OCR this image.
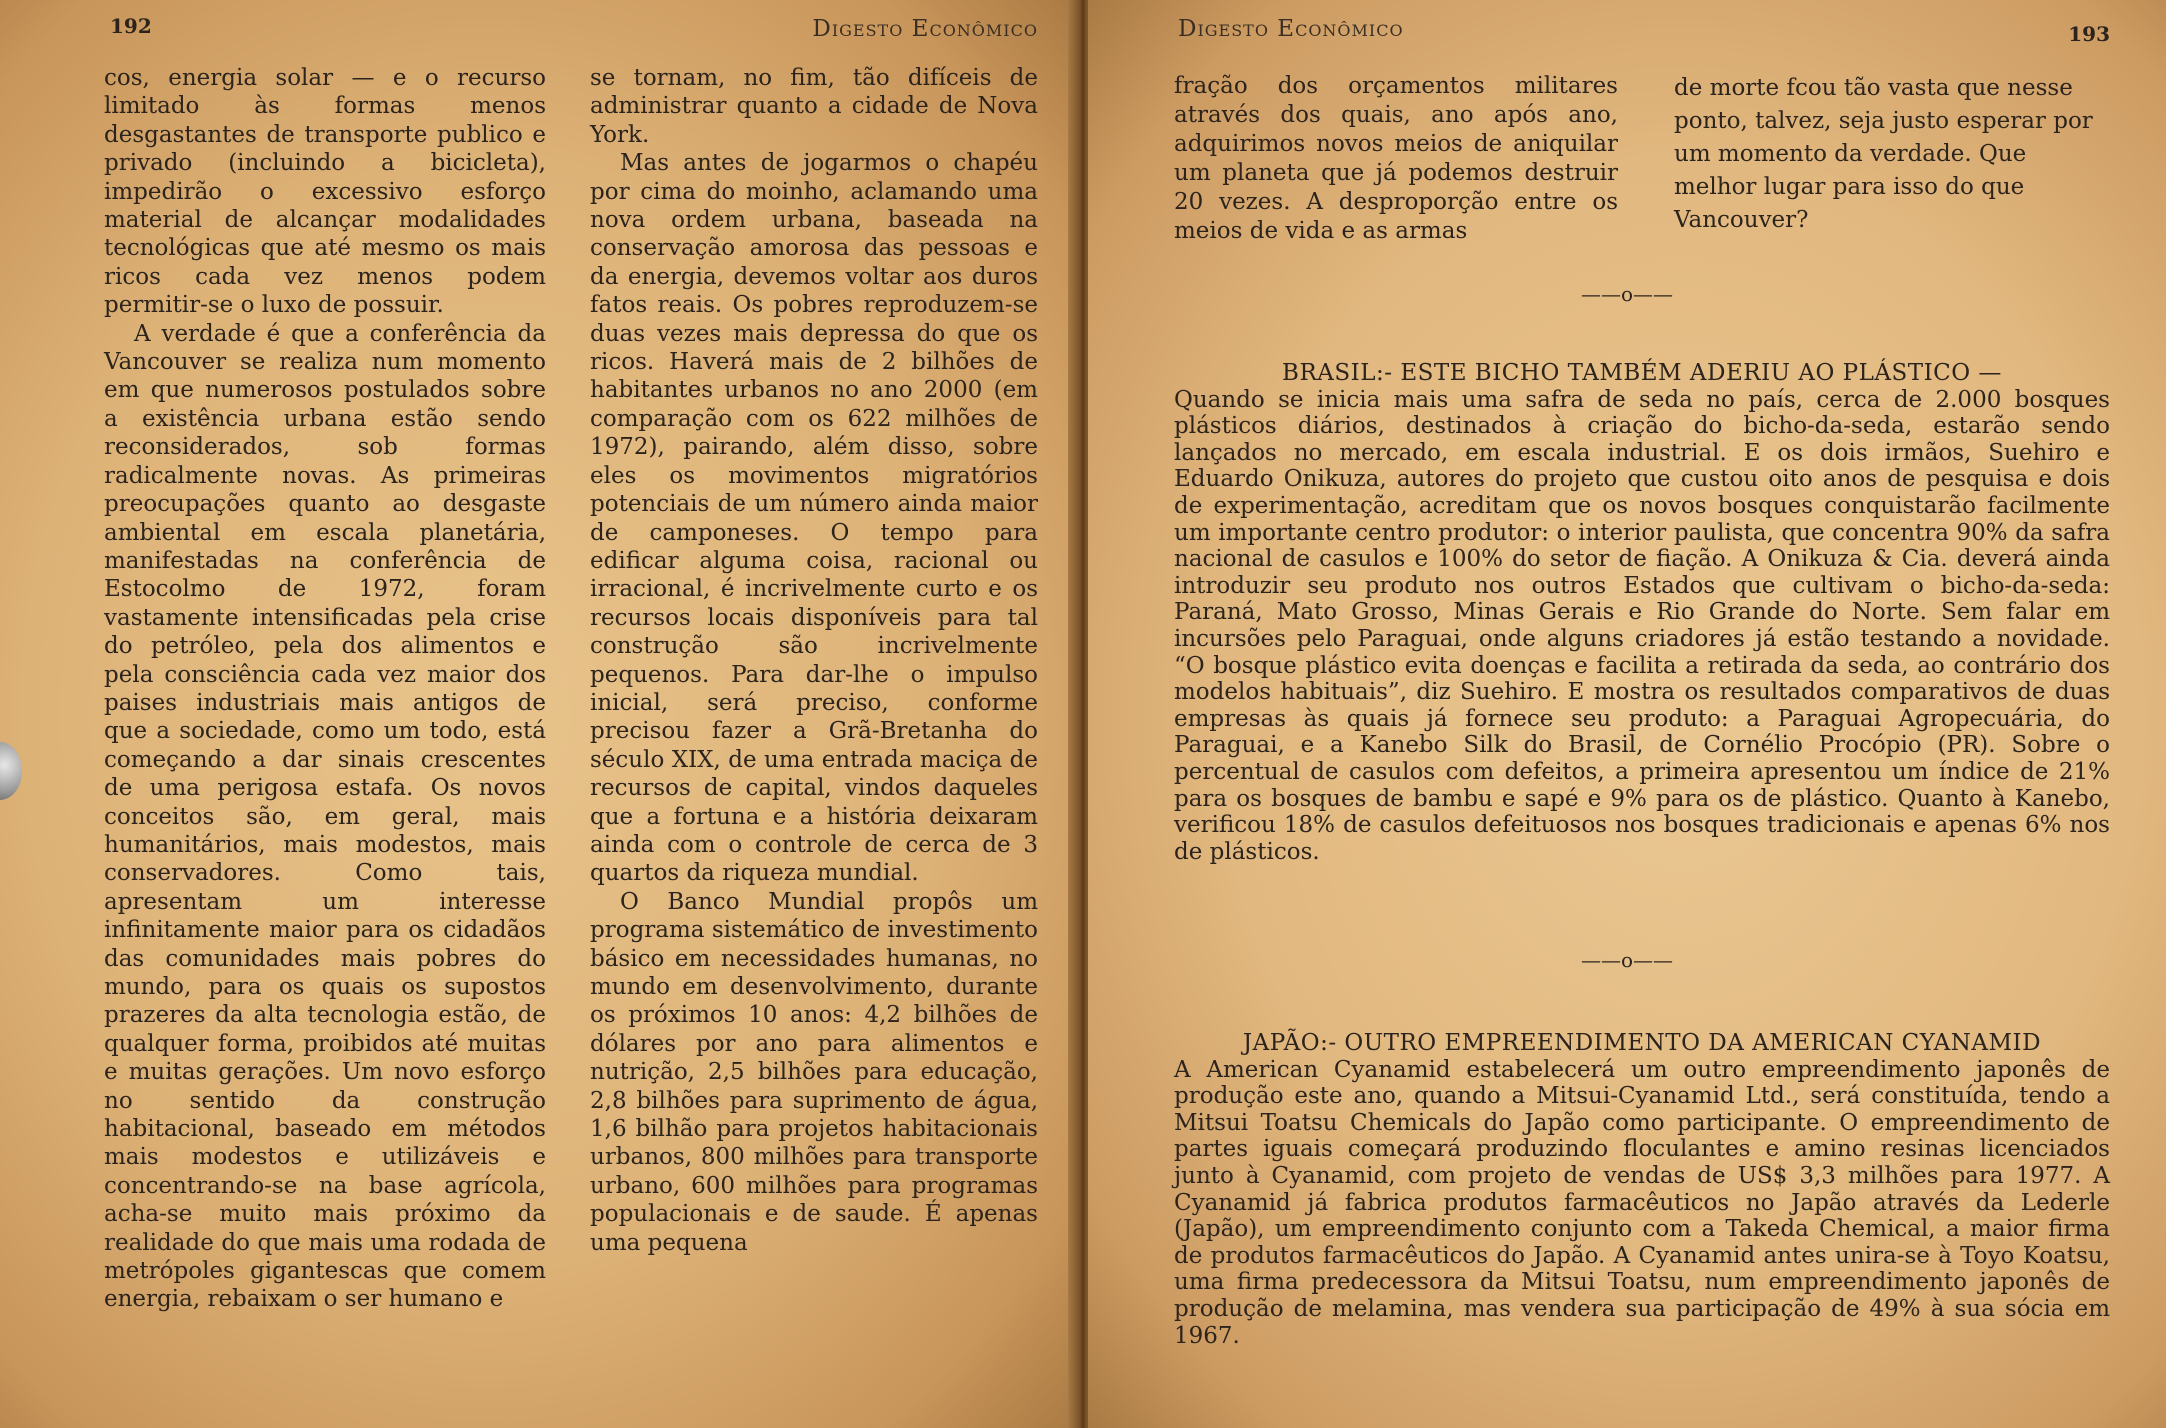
192	Digesto Econômico

cos, energia solar — e o recurso limitado às formas menos desgastantes de transporte publico e privado (incluindo a bicicleta), impedirão o excessivo esforço material de alcançar modalidades tecnológicas que até mesmo os mais ricos cada vez menos podem permitir-se o luxo de possuir.

A verdade é que a conferência da Vancouver se realiza num momento em que numerosos postulados sobre a existência urbana estão sendo reconsiderados, sob formas radicalmente novas. As primeiras preocupações quanto ao desgaste ambiental em escala planetária, manifestadas na conferência de Estocolmo de 1972, foram vastamente intensificadas pela crise do petróleo, pela dos alimentos e pela consciência cada vez maior dos paises industriais mais antigos de que a sociedade, como um todo, está começando a dar sinais crescentes de uma perigosa estafa. Os novos conceitos são, em geral, mais humanitários, mais modestos, mais conservadores. Como tais, apresentam um interesse infinitamente maior para os cidadãos das comunidades mais pobres do mundo, para os quais os supostos prazeres da alta tecnologia estão, de qualquer forma, proibidos até muitas e muitas gerações. Um novo esforço no sentido da construção habitacional, baseado em métodos mais modestos e utilizáveis e concentrando-se na base agrícola, acha-se muito mais próximo da realidade do que mais uma rodada de metrópoles gigantescas que comem energia, rebaixam o ser humano e

se tornam, no fim, tão difíceis de administrar quanto a cidade de Nova York.

Mas antes de jogarmos o chapéu por cima do moinho, aclamando uma nova ordem urbana, baseada na conservação amorosa das pessoas e da energia, devemos voltar aos duros fatos reais. Os pobres reproduzem-se duas vezes mais depressa do que os ricos. Haverá mais de 2 bilhões de habitantes urbanos no ano 2000 (em comparação com os 622 milhões de 1972), pairando, além disso, sobre eles os movimentos migratórios potenciais de um número ainda maior de camponeses. O tempo para edificar alguma coisa, racional ou irracional, é incrivelmente curto e os recursos locais disponíveis para tal construção são incrivelmente pequenos. Para dar-lhe o impulso inicial, será preciso, conforme precisou fazer a Grã-Bretanha do século XIX, de uma entrada maciça de recursos de capital, vindos daqueles que a fortuna e a história deixaram ainda com o controle de cerca de 3 quartos da riqueza mundial.

O Banco Mundial propôs um programa sistemático de investimento básico em necessidades humanas, no mundo em desenvolvimento, durante os próximos 10 anos: 4,2 bilhões de dólares por ano para alimentos e nutrição, 2,5 bilhões para educação, 2,8 bilhões para suprimento de água, 1,6 bilhão para projetos habitacionais urbanos, 800 milhões para transporte urbano, 600 milhões para programas populacionais e de saude. É apenas uma pequena

Digesto Econômico	193

fração dos orçamentos militares através dos quais, ano após ano, adquirimos novos meios de aniquilar um planeta que já podemos destruir 20 vezes. A desproporção entre os meios de vida e as armas

de morte fcou tão vasta que nesse ponto, talvez, seja justo esperar por um momento da verdade. Que melhor lugar para isso do que Vancouver?

——o——
BRASIL:- ESTE BICHO TAMBÉM ADERIU AO PLÁSTICO —

Quando se inicia mais uma safra de seda no país, cerca de 2.000 bosques plásticos diários, destinados à criação do bicho-da-seda, estarão sendo lançados no mercado, em escala industrial. E os dois irmãos, Suehiro e Eduardo Onikuza, autores do projeto que custou oito anos de pesquisa e dois de experimentação, acreditam que os novos bosques conquistarão facilmente um importante centro produtor: o interior paulista, que concentra 90% da safra nacional de casulos e 100% do setor de fiação. A Onikuza & Cia. deverá ainda introduzir seu produto nos outros Estados que cultivam o bicho-da-seda: Paraná, Mato Grosso, Minas Gerais e Rio Grande do Norte. Sem falar em incursões pelo Paraguai, onde alguns criadores já estão testando a novidade. “O bosque plástico evita doenças e facilita a retirada da seda, ao contrário dos modelos habituais”, diz Suehiro. E mostra os resultados comparativos de duas empresas às quais já fornece seu produto: a Paraguai Agropecuária, do Paraguai, e a Kanebo Silk do Brasil, de Cornélio Procópio (PR). Sobre o percentual de casulos com defeitos, a primeira apresentou um índice de 21% para os bosques de bambu e sapé e 9% para os de plástico. Quanto à Kanebo, verificou 18% de casulos defeituosos nos bosques tradicionais e apenas 6% nos de plásticos.

——o——
JAPÃO:- OUTRO EMPREENDIMENTO DA AMERICAN CYANAMID

A American Cyanamid estabelecerá um outro empreendimento japonês de produção este ano, quando a Mitsui-Cyanamid Ltd., será constituída, tendo a Mitsui Toatsu Chemicals do Japão como participante. O empreendimento de partes iguais começará produzindo floculantes e amino resinas licenciados junto à Cyanamid, com projeto de vendas de US$ 3,3 milhões para 1977. A Cyanamid já fabrica produtos farmacêuticos no Japão através da Lederle (Japão), um empreendimento conjunto com a Takeda Chemical, a maior firma de produtos farmacêuticos do Japão. A Cyanamid antes unira-se à Toyo Koatsu, uma firma predecessora da Mitsui Toatsu, num empreendimento japonês de produção de melamina, mas vendera sua participação de 49% à sua sócia em 1967.
